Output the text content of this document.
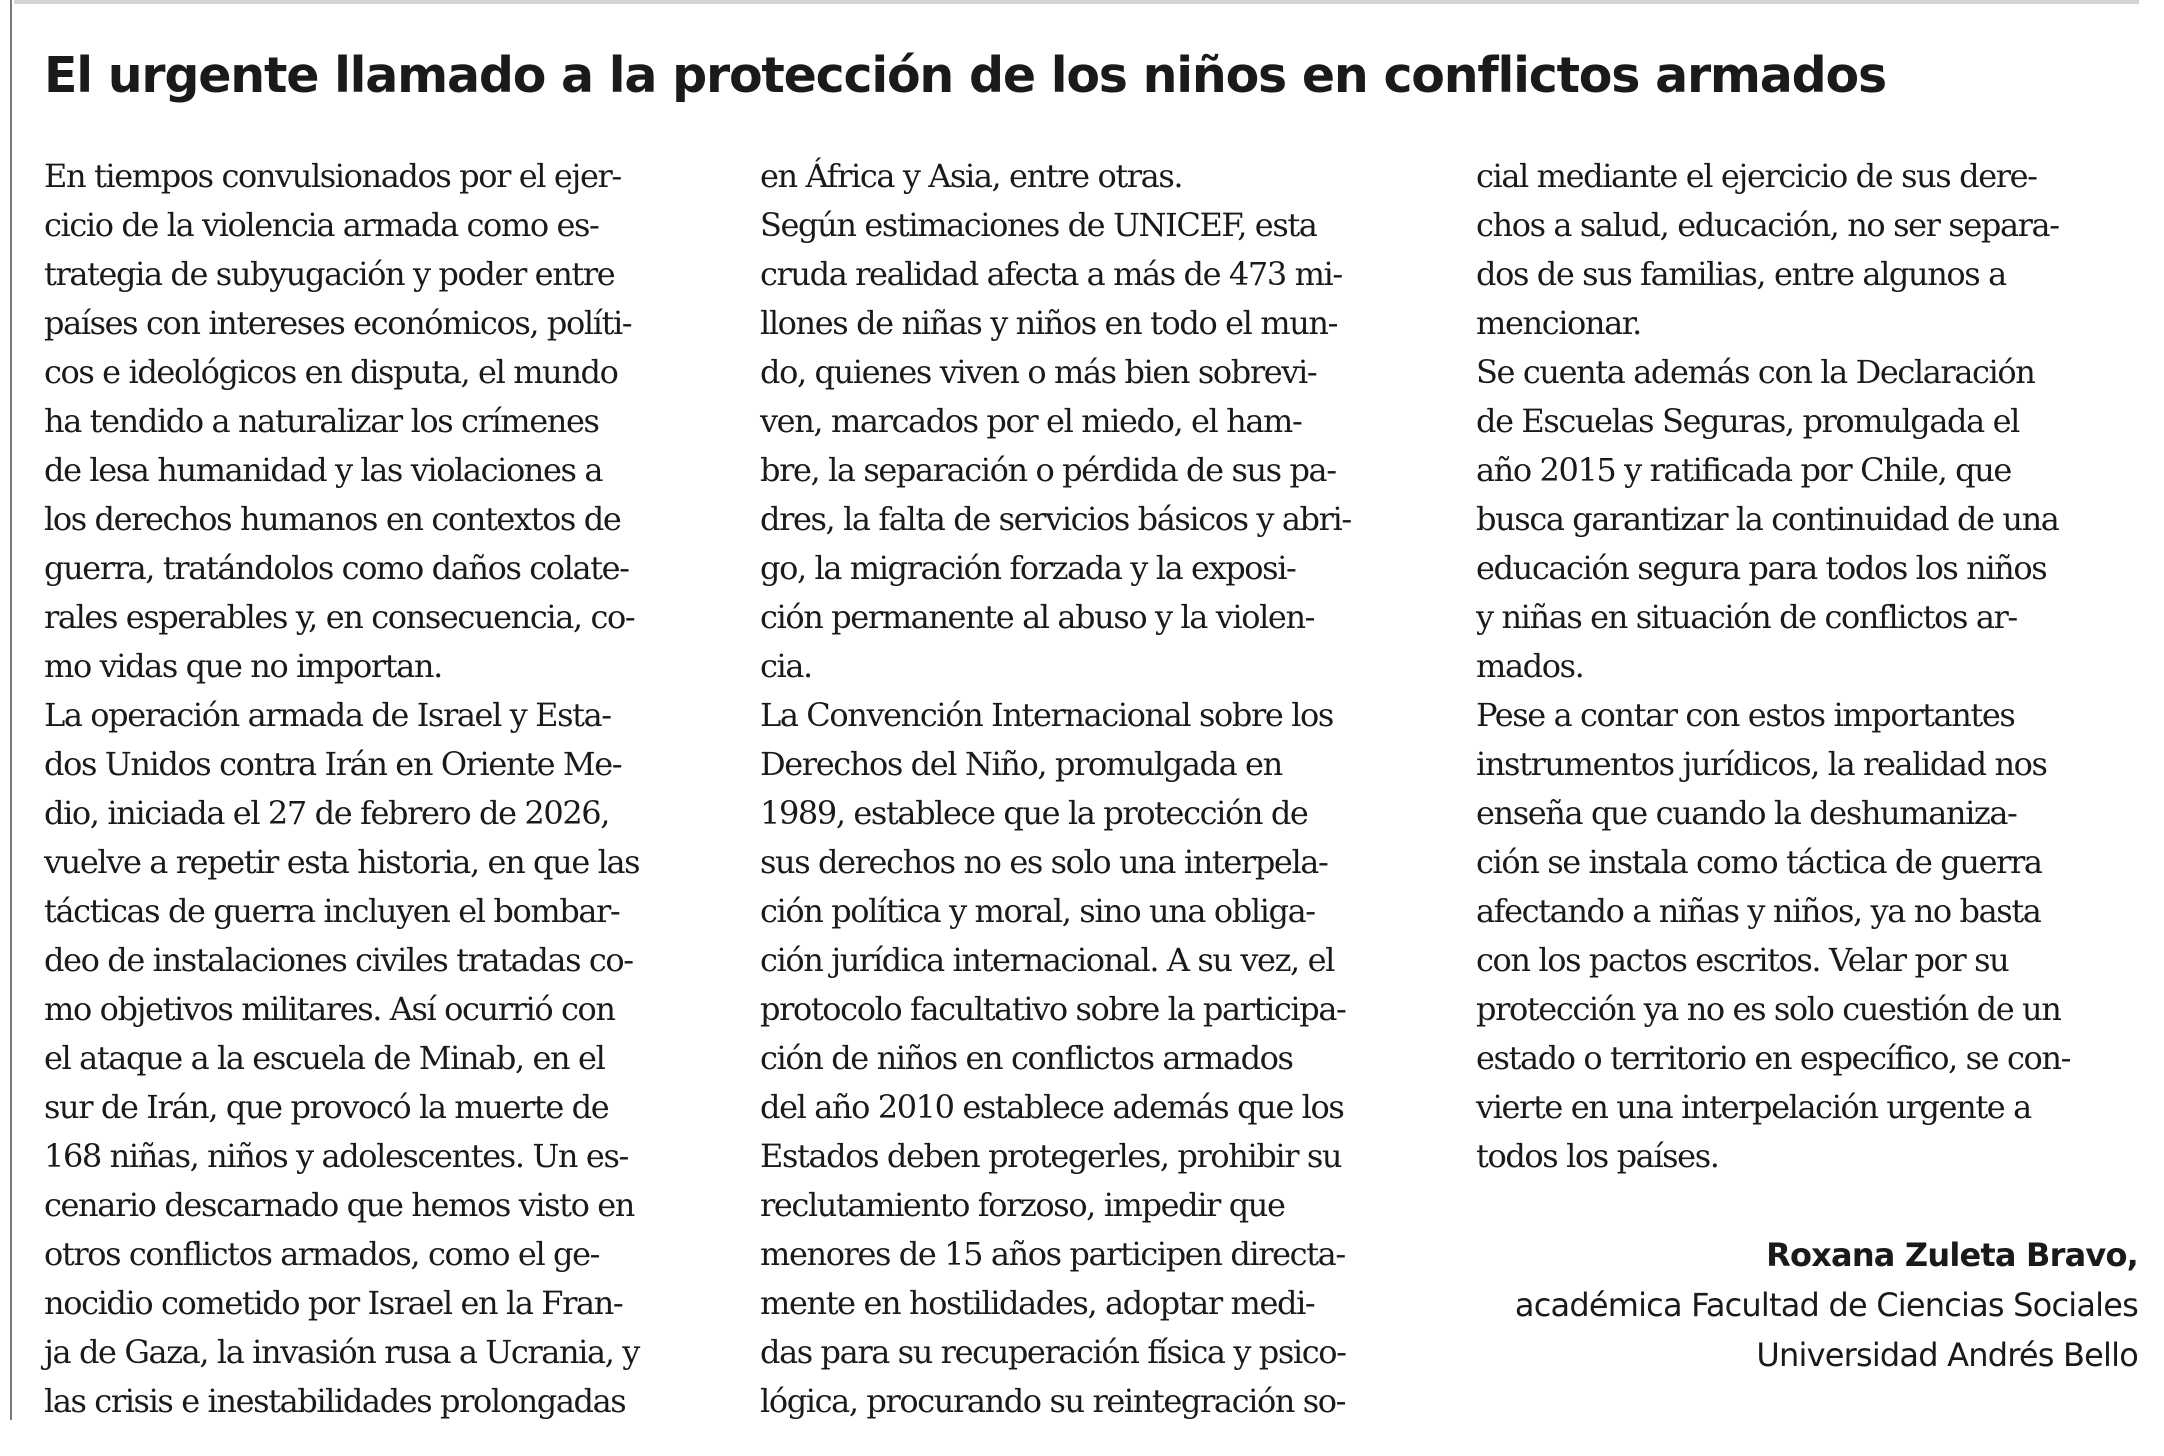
El urgente llamado a la protección de los niños en conflictos armados
En tiempos convulsionados por el ejer-
cicio de la violencia armada como es-
trategia de subyugación y poder entre
países con intereses económicos, políti-
cos e ideológicos en disputa, el mundo
ha tendido a naturalizar los crímenes
de lesa humanidad y las violaciones a
los derechos humanos en contextos de
guerra, tratándolos como daños colate-
rales esperables y, en consecuencia, co-
mo vidas que no importan.
La operación armada de Israel y Esta-
dos Unidos contra Irán en Oriente Me-
dio, iniciada el 27 de febrero de 2026,
vuelve a repetir esta historia, en que las
tácticas de guerra incluyen el bombar-
deo de instalaciones civiles tratadas co-
mo objetivos militares. Así ocurrió con
el ataque a la escuela de Minab, en el
sur de Irán, que provocó la muerte de
168 niñas, niños y adolescentes. Un es-
cenario descarnado que hemos visto en
otros conflictos armados, como el ge-
nocidio cometido por Israel en la Fran-
ja de Gaza, la invasión rusa a Ucrania, y
las crisis e inestabilidades prolongadas
en África y Asia, entre otras.
Según estimaciones de UNICEF, esta
cruda realidad afecta a más de 473 mi-
llones de niñas y niños en todo el mun-
do, quienes viven o más bien sobrevi-
ven, marcados por el miedo, el ham-
bre, la separación o pérdida de sus pa-
dres, la falta de servicios básicos y abri-
go, la migración forzada y la exposi-
ción permanente al abuso y la violen-
cia.
La Convención Internacional sobre los
Derechos del Niño, promulgada en
1989, establece que la protección de
sus derechos no es solo una interpela-
ción política y moral, sino una obliga-
ción jurídica internacional. A su vez, el
protocolo facultativo sobre la participa-
ción de niños en conflictos armados
del año 2010 establece además que los
Estados deben protegerles, prohibir su
reclutamiento forzoso, impedir que
menores de 15 años participen directa-
mente en hostilidades, adoptar medi-
das para su recuperación física y psico-
lógica, procurando su reintegración so-
cial mediante el ejercicio de sus dere-
chos a salud, educación, no ser separa-
dos de sus familias, entre algunos a
mencionar.
Se cuenta además con la Declaración
de Escuelas Seguras, promulgada el
año 2015 y ratificada por Chile, que
busca garantizar la continuidad de una
educación segura para todos los niños
y niñas en situación de conflictos ar-
mados.
Pese a contar con estos importantes
instrumentos jurídicos, la realidad nos
enseña que cuando la deshumaniza-
ción se instala como táctica de guerra
afectando a niñas y niños, ya no basta
con los pactos escritos. Velar por su
protección ya no es solo cuestión de un
estado o territorio en específico, se con-
vierte en una interpelación urgente a
todos los países.
Roxana Zuleta Bravo,
académica Facultad de Ciencias Sociales
Universidad Andrés Bello
